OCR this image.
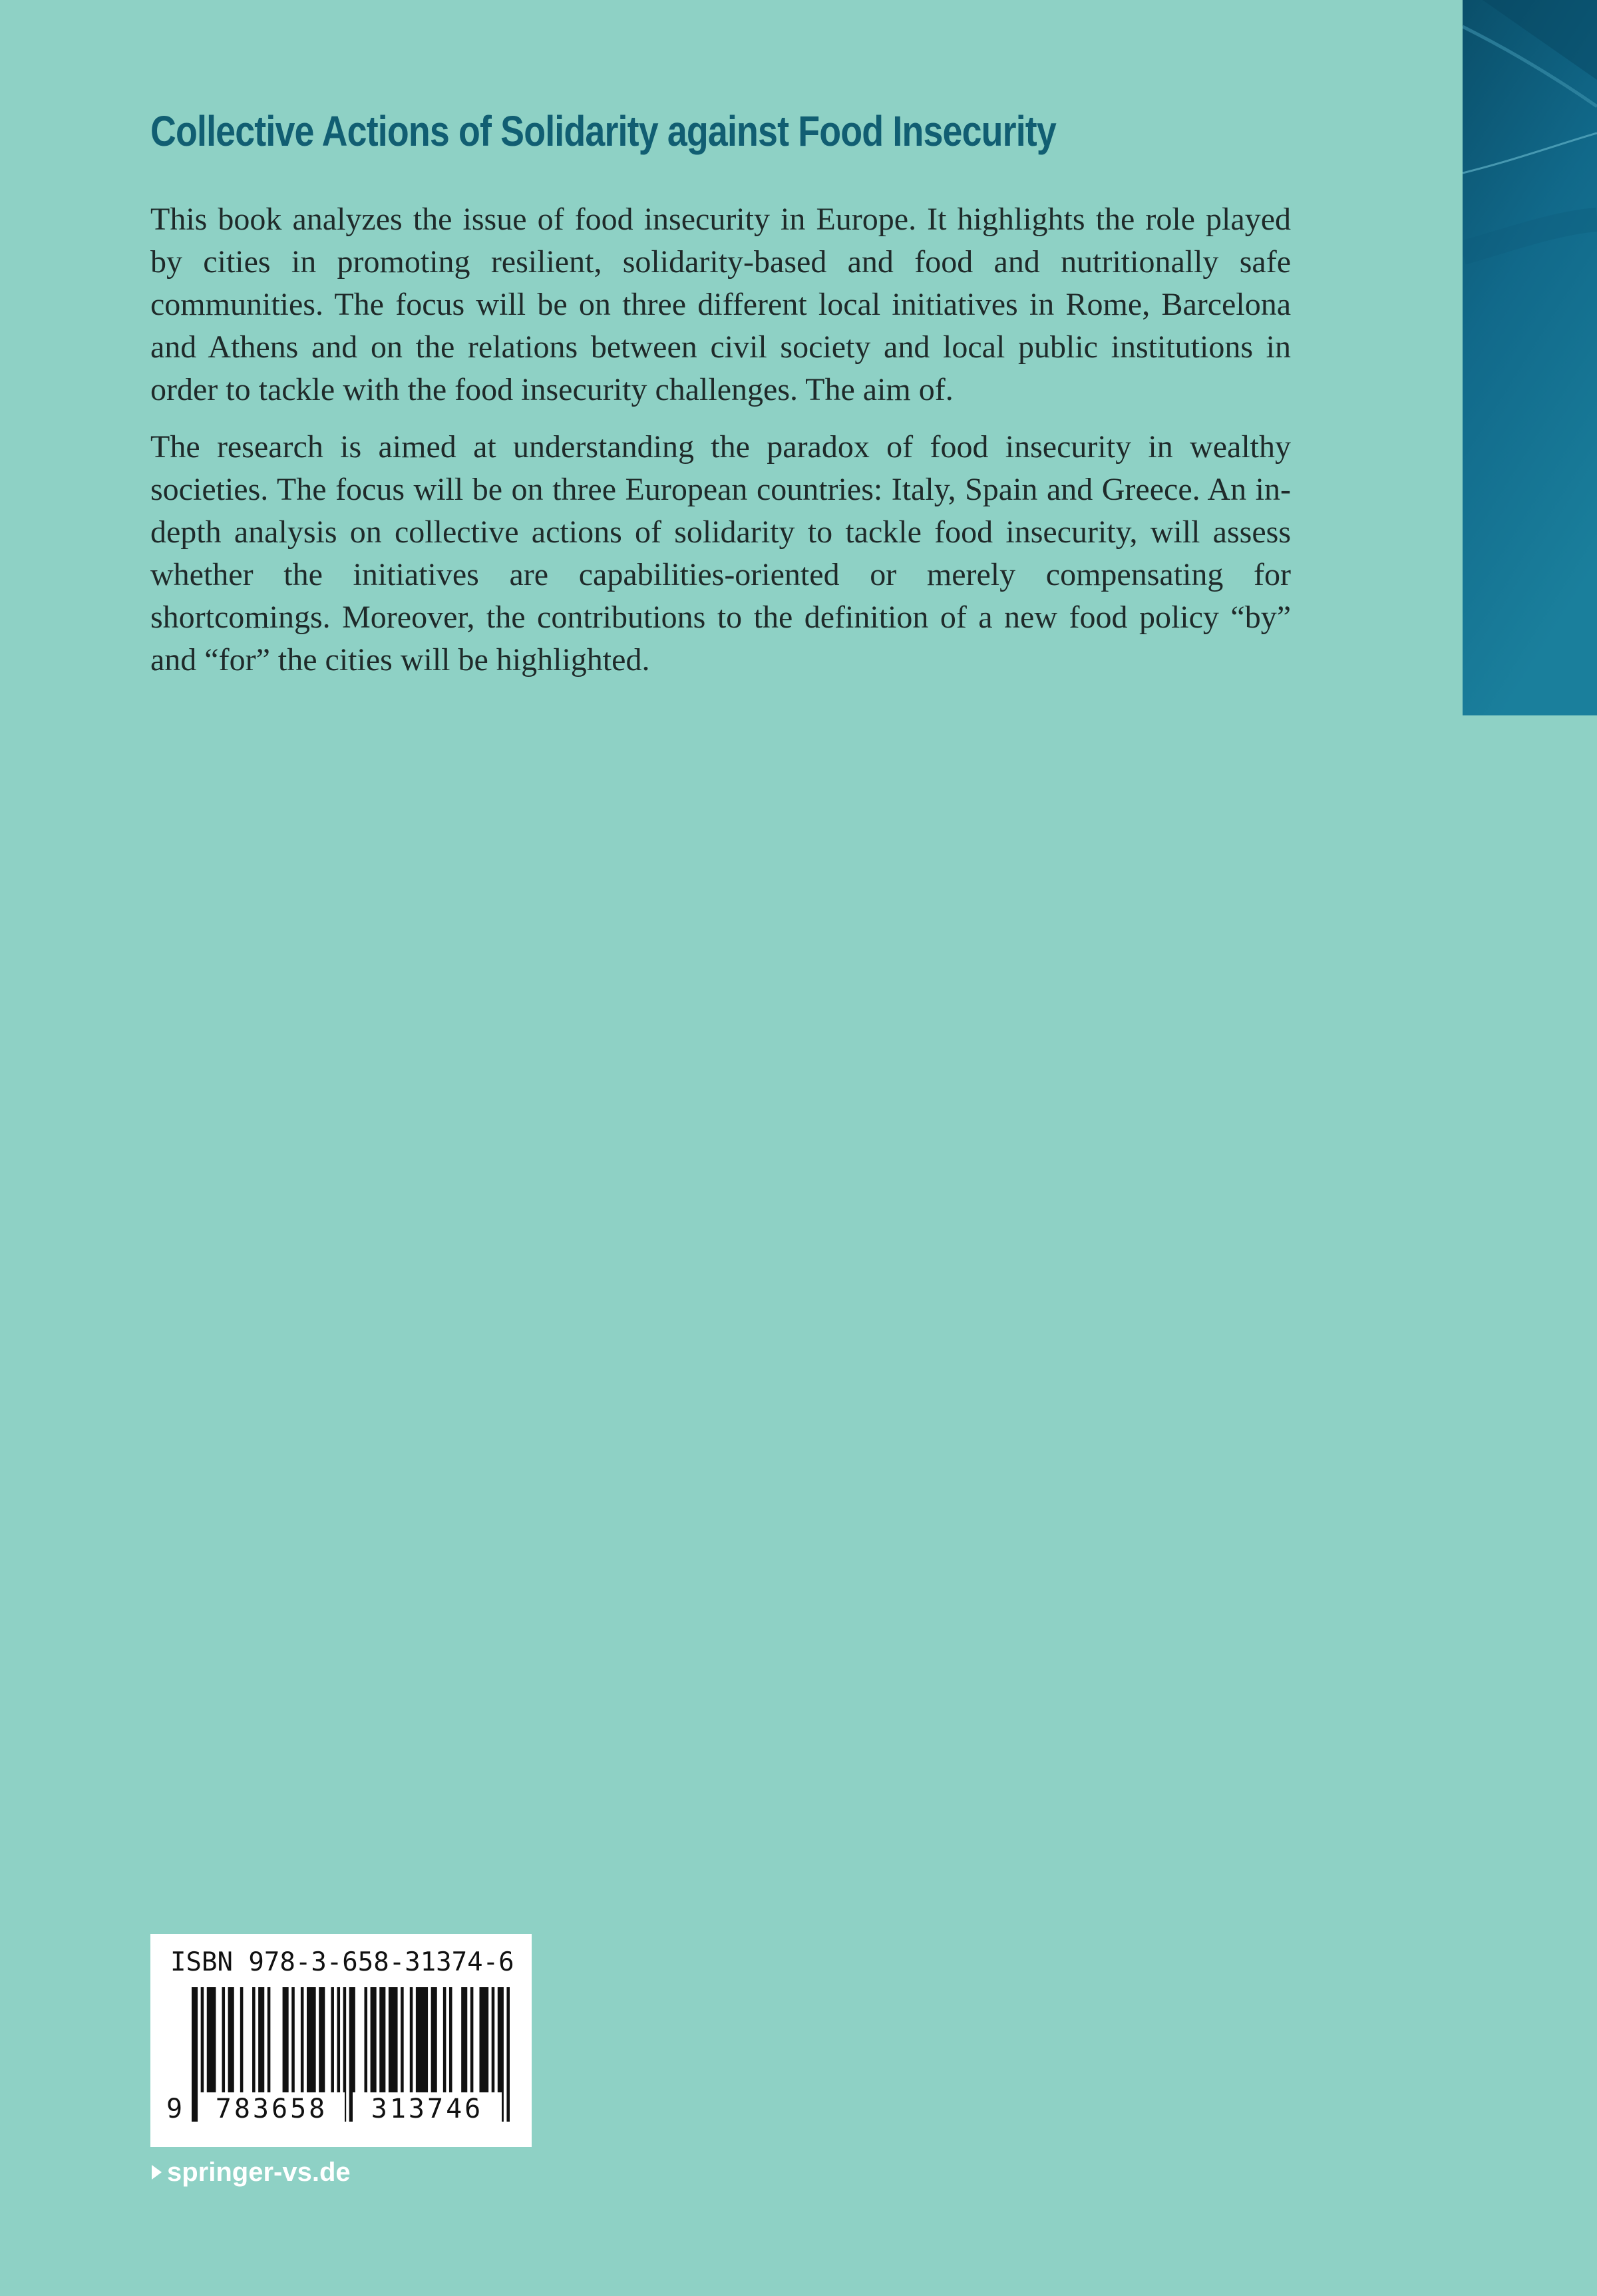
Collective Actions of Solidarity against Food Insecurity

This book analyzes the issue of food insecurity in Europe. It highlights the role played by cities in promoting resilient, solidarity-based and food and nutritionally safe communities. The focus will be on three different local initiatives in Rome, Barcelona and Athens and on the relations between civil society and local public institutions in order to tackle with the food insecurity challenges. The aim of.

The research is aimed at understanding the paradox of food insecurity in wealthy societies. The focus will be on three European countries: Italy, Spain and Greece. An in-depth analysis on collective actions of solidarity to tackle food insecurity, will assess whether the initiatives are capabilities-oriented or merely compensating for shortcomings. Moreover, the contributions to the definition of a new food policy “by” and “for” the cities will be highlighted.

ISBN 978-3-658-31374-6
9	783658	313746
springer-vs.de
